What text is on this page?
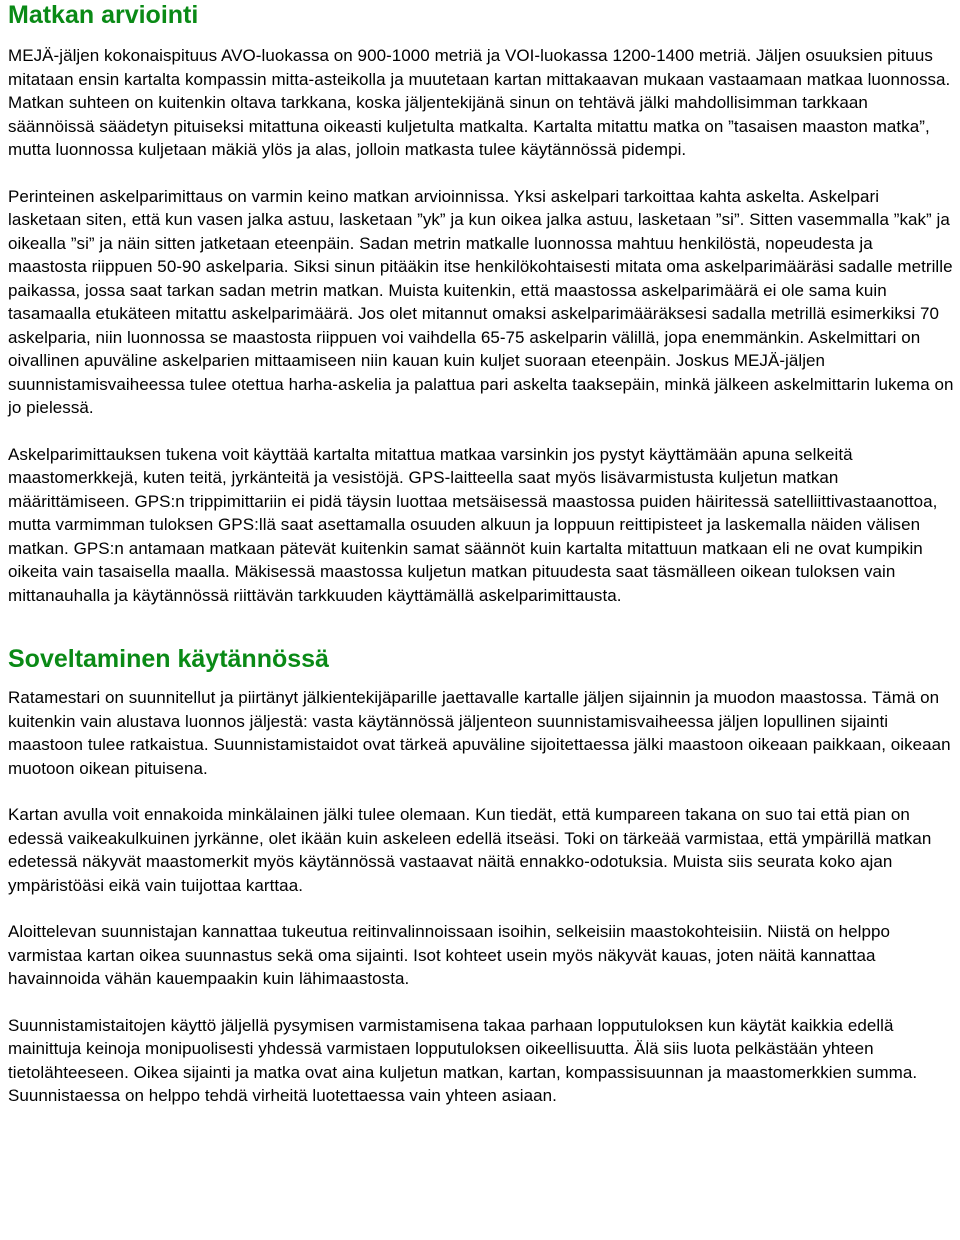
Matkan arviointi

MEJÄ-jäljen kokonaispituus AVO-luokassa on 900-1000 metriä ja VOI-luokassa 1200-1400 metriä. Jäljen osuuksien pituus mitataan ensin kartalta kompassin mitta-asteikolla ja muutetaan kartan mittakaavan mukaan vastaamaan matkaa luonnossa. Matkan suhteen on kuitenkin oltava tarkkana, koska jäljentekijänä sinun on tehtävä jälki mahdollisimman tarkkaan säännöissä säädetyn pituiseksi mitattuna oikeasti kuljetulta matkalta. Kartalta mitattu matka on ”tasaisen maaston matka”, mutta luonnossa kuljetaan mäkiä ylös ja alas, jolloin matkasta tulee käytännössä pidempi.

Perinteinen askelparimittaus on varmin keino matkan arvioinnissa. Yksi askelpari tarkoittaa kahta askelta. Askelpari lasketaan siten, että kun vasen jalka astuu, lasketaan ”yk” ja kun oikea jalka astuu, lasketaan ”si”. Sitten vasemmalla ”kak” ja oikealla ”si” ja näin sitten jatketaan eteenpäin. Sadan metrin matkalle luonnossa mahtuu henkilöstä, nopeudesta ja maastosta riippuen 50-90 askelparia. Siksi sinun pitääkin itse henkilökohtaisesti mitata oma askelparimääräsi sadalle metrille paikassa, jossa saat tarkan sadan metrin matkan. Muista kuitenkin, että maastossa askelparimäärä ei ole sama kuin tasamaalla etukäteen mitattu askelparimäärä. Jos olet mitannut omaksi askelparimääräksesi sadalla metrillä esimerkiksi 70 askelparia, niin luonnossa se maastosta riippuen voi vaihdella 65-75 askelparin välillä, jopa enemmänkin. Askelmittari on oivallinen apuväline askelparien mittaamiseen niin kauan kuin kuljet suoraan eteenpäin. Joskus MEJÄ-jäljen suunnistamisvaiheessa tulee otettua harha-askelia ja palattua pari askelta taaksepäin, minkä jälkeen askelmittarin lukema on jo pielessä.

Askelparimittauksen tukena voit käyttää kartalta mitattua matkaa varsinkin jos pystyt käyttämään apuna selkeitä maastomerkkejä, kuten teitä, jyrkänteitä ja vesistöjä. GPS-laitteella saat myös lisävarmistusta kuljetun matkan määrittämiseen. GPS:n trippimittariin ei pidä täysin luottaa metsäisessä maastossa puiden häiritessä satelliittivastaanottoa, mutta varmimman tuloksen GPS:llä saat asettamalla osuuden alkuun ja loppuun reittipisteet ja laskemalla näiden välisen matkan. GPS:n antamaan matkaan pätevät kuitenkin samat säännöt kuin kartalta mitattuun matkaan eli ne ovat kumpikin oikeita vain tasaisella maalla. Mäkisessä maastossa kuljetun matkan pituudesta saat täsmälleen oikean tuloksen vain mittanauhalla ja käytännössä riittävän tarkkuuden käyttämällä askelparimittausta.

Soveltaminen käytännössä

Ratamestari on suunnitellut ja piirtänyt jälkientekijäparille jaettavalle kartalle jäljen sijainnin ja muodon maastossa. Tämä on kuitenkin vain alustava luonnos jäljestä: vasta käytännössä jäljenteon suunnistamisvaiheessa jäljen lopullinen sijainti maastoon tulee ratkaistua. Suunnistamistaidot ovat tärkeä apuväline sijoitettaessa jälki maastoon oikeaan paikkaan, oikeaan muotoon oikean pituisena.

Kartan avulla voit ennakoida minkälainen jälki tulee olemaan. Kun tiedät, että kumpareen takana on suo tai että pian on edessä vaikeakulkuinen jyrkänne, olet ikään kuin askeleen edellä itseäsi. Toki on tärkeää varmistaa, että ympärillä matkan edetessä näkyvät maastomerkit myös käytännössä vastaavat näitä ennakko-odotuksia. Muista siis seurata koko ajan ympäristöäsi eikä vain tuijottaa karttaa.

Aloittelevan suunnistajan kannattaa tukeutua reitinvalinnoissaan isoihin, selkeisiin maastokohteisiin. Niistä on helppo varmistaa kartan oikea suunnastus sekä oma sijainti. Isot kohteet usein myös näkyvät kauas, joten näitä kannattaa havainnoida vähän kauempaakin kuin lähimaastosta.

Suunnistamistaitojen käyttö jäljellä pysymisen varmistamisena takaa parhaan lopputuloksen kun käytät kaikkia edellä mainittuja keinoja monipuolisesti yhdessä varmistaen lopputuloksen oikeellisuutta. Älä siis luota pelkästään yhteen tietolähteeseen. Oikea sijainti ja matka ovat aina kuljetun matkan, kartan, kompassisuunnan ja maastomerkkien summa. Suunnistaessa on helppo tehdä virheitä luotettaessa vain yhteen asiaan.
